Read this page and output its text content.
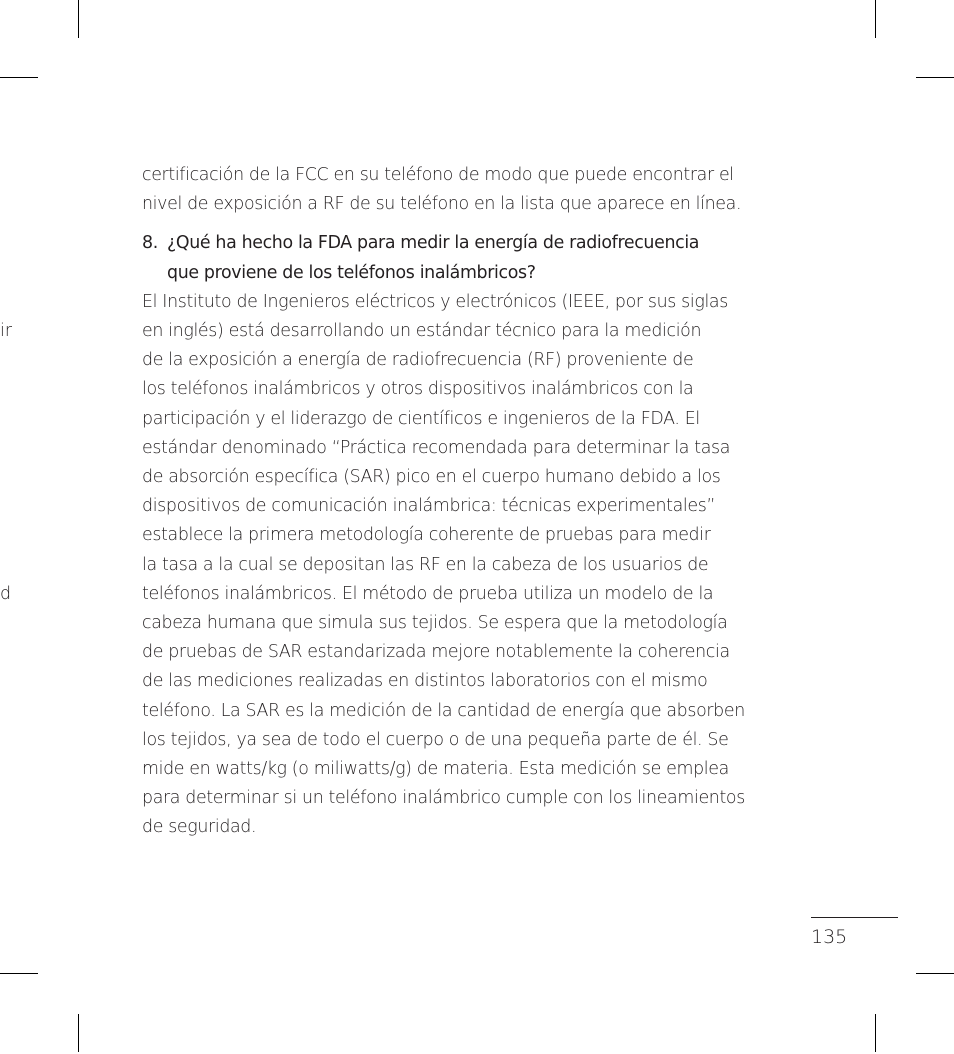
ir
d
certificación de la FCC en su teléfono de modo que puede encontrar el
nivel de exposición a RF de su teléfono en la lista que aparece en línea.
8. ¿Qué ha hecho la FDA para medir la energía de radiofrecuencia
que proviene de los teléfonos inalámbricos?
El Instituto de Ingenieros eléctricos y electrónicos (IEEE, por sus siglas
en inglés) está desarrollando un estándar técnico para la medición
de la exposición a energía de radiofrecuencia (RF) proveniente de
los teléfonos inalámbricos y otros dispositivos inalámbricos con la
participación y el liderazgo de científicos e ingenieros de la FDA. El
estándar denominado “Práctica recomendada para determinar la tasa
de absorción específica (SAR) pico en el cuerpo humano debido a los
dispositivos de comunicación inalámbrica: técnicas experimentales”
establece la primera metodología coherente de pruebas para medir
la tasa a la cual se depositan las RF en la cabeza de los usuarios de
teléfonos inalámbricos. El método de prueba utiliza un modelo de la
cabeza humana que simula sus tejidos. Se espera que la metodología
de pruebas de SAR estandarizada mejore notablemente la coherencia
de las mediciones realizadas en distintos laboratorios con el mismo
teléfono. La SAR es la medición de la cantidad de energía que absorben
los tejidos, ya sea de todo el cuerpo o de una pequeña parte de él. Se
mide en watts/kg (o miliwatts/g) de materia. Esta medición se emplea
para determinar si un teléfono inalámbrico cumple con los lineamientos
de seguridad.
135
